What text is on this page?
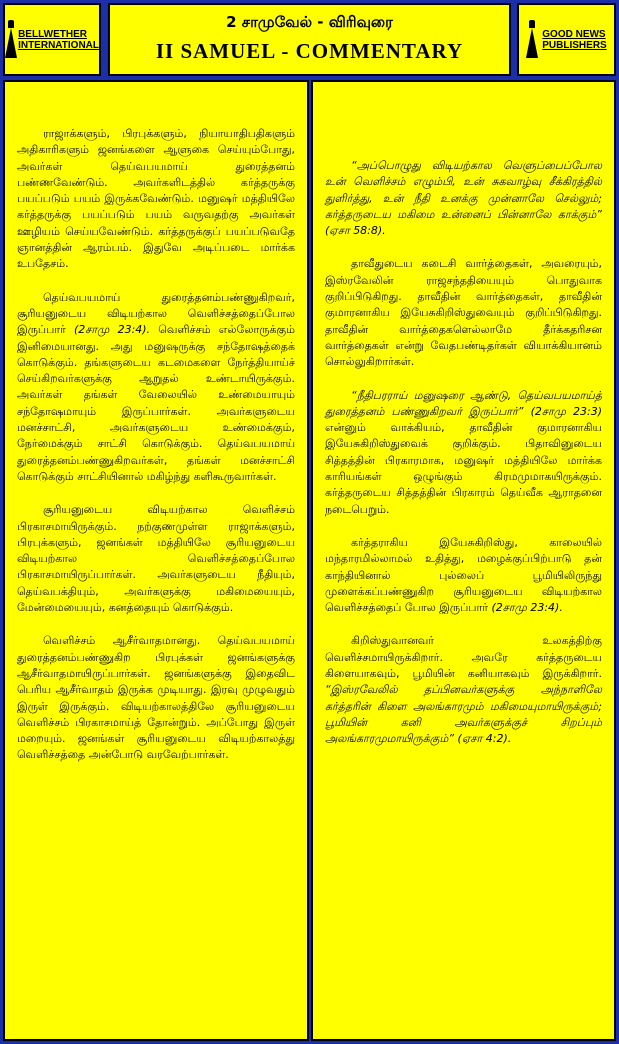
BELLWETHER
INTERNATIONAL
2 சாமுவேல் - விரிவுரை
II SAMUEL - COMMENTARY
GOOD NEWS
PUBLISHERS

ராஜாக்களும், பிரபுக்களும், நியாயாதிபதிகளும் அதிகாரிகளும் ஜனங்களை ஆளுகை செய்யும்போது, அவர்கள் தெய்வபயமாய் துரைத்தனம் பண்ணவேண்டும். அவர்களிடத்தில் கர்த்தருக்கு பயப்படும் பயம் இருக்கவேண்டும். மனுஷர் மத்தியிலே கர்த்தருக்கு பயப்படும் பயம் வருவதற்கு அவர்கள் ஊழியம் செய்யவேண்டும். கர்த்தருக்குப் பயப்படுவதே ஞானத்தின் ஆரம்பம். இதுவே அடிப்படை மார்க்க உபதேசம்.

தெய்வபயமாய் துரைத்தனம்பண்ணுகிறவர், சூரியனுடைய விடியற்கால வெளிச்சத்தைப்போல இருப்பார் (2சாமு 23:4). வெளிச்சம் எல்லோருக்கும் இனிமையானது. அது மனுஷருக்கு சந்தோஷத்தைக் கொடுக்கும். தங்களுடைய கடமைகளை நேர்த்தியாய்ச் செய்கிறவர்களுக்கு ஆறுதல் உண்டாயிருக்கும். அவர்கள் தங்கள் வேலையில் உண்மையாயும் சந்தோஷமாயும் இருப்பார்கள். அவர்களுடைய மனச்சாட்சி, அவர்களுடைய உண்மைக்கும், நேர்மைக்கும் சாட்சி கொடுக்கும். தெய்வபயமாய் துரைத்தனம்பண்ணுகிறவர்கள், தங்கள் மனச்சாட்சி கொடுக்கும் சாட்சியினால் மகிழ்ந்து களிகூருவார்கள்.

சூரியனுடைய விடியற்கால வெளிச்சம் பிரகாசமாயிருக்கும். நற்குணமுள்ள ராஜாக்களும், பிரபுக்களும், ஜனங்கள் மத்தியிலே சூரியனுடைய விடியற்கால வெளிச்சத்தைப்போல பிரகாசமாயிருப்பார்கள். அவர்களுடைய நீதியும், தெய்வபக்தியும், அவர்களுக்கு மகிமையையும், மேன்மையையும், கனத்தையும் கொடுக்கும்.

வெளிச்சம் ஆசீர்வாதமானது. தெய்வபயமாய் துரைத்தனம்பண்ணுகிற பிரபுக்கள் ஜனங்களுக்கு ஆசீர்வாதமாயிருப்பார்கள். ஜனங்களுக்கு இதைவிட பெரிய ஆசீர்வாதம் இருக்க முடியாது. இரவு முழுவதும் இருள் இருக்கும். விடியற்காலத்திலே சூரியனுடைய வெளிச்சம் பிரகாசமாய்த் தோன்றும். அப்போது இருள் மறையும். ஜனங்கள் சூரியனுடைய விடியற்காலத்து வெளிச்சத்தை அன்போடு வரவேற்பார்கள்.

“அப்பொழுது விடியற்கால வெளுப்பைப்போல உன் வெளிச்சம் எழும்பி, உன் சுகவாழ்வு சீக்கிரத்தில் துளிர்த்து, உன் நீதி உனக்கு முன்னாலே செல்லும்; கர்த்தருடைய மகிமை உன்னைப் பின்னாலே காக்கும்” (ஏசா 58:8).

தாவீதுடைய கடைசி வார்த்தைகள், அவரையும், இஸ்ரவேலின் ராஜசந்ததியையும் பொதுவாக குறிப்பிடுகிறது. தாவீதின் வார்த்தைகள், தாவீதின் குமாரனாகிய இயேசுகிறிஸ்துவையும் குறிப்பிடுகிறது. தாவீதின் வார்த்தைகளெல்லாமே தீர்க்கதரிசன வார்த்தைகள் என்று வேதபண்டிதர்கள் வியாக்கியானம் சொல்லுகிறார்கள்.

“நீதிபரராய் மனுஷரை ஆண்டு, தெய்வபயமாய்த் துரைத்தனம் பண்ணுகிறவர் இருப்பார்” (2சாமு 23:3) என்னும் வாக்கியம், தாவீதின் குமாரனாகிய இயேசுகிறிஸ்துவைக் குறிக்கும். பிதாவினுடைய சித்தத்தின் பிரகாரமாக, மனுஷர் மத்தியிலே மார்க்க காரியங்கள் ஒழுங்கும் கிரமமுமாகயிருக்கும். கர்த்தருடைய சித்தத்தின் பிரகாரம் தெய்வீக ஆராதனை நடைபெறும்.

கர்த்தராகிய இயேசுகிறிஸ்து, காலையில் மந்தாரமில்லாமல் உதித்து, மழைக்குப்பிற்பாடு தன் காந்தியினால் புல்லைப் பூமியிலிருந்து முளைக்கப்பண்ணுகிற சூரியனுடைய விடியற்கால வெளிச்சத்தைப் போல இருப்பார் (2சாமு 23:4).

கிறிஸ்துவானவர் உலகத்திற்கு வெளிச்சமாயிருக்கிறார். அவரே கர்த்தருடைய கிளையாகவும், பூமியின் கனியாகவும் இருக்கிறார். “இஸ்ரவேலில் தப்பினவர்களுக்கு அந்நாளிலே கர்த்தரின் கிளை அலங்காரமும் மகிமையுமாயிருக்கும்; பூமியின் கனி அவர்களுக்குச் சிறப்பும் அலங்காரமுமாயிருக்கும்” (ஏசா 4:2).
